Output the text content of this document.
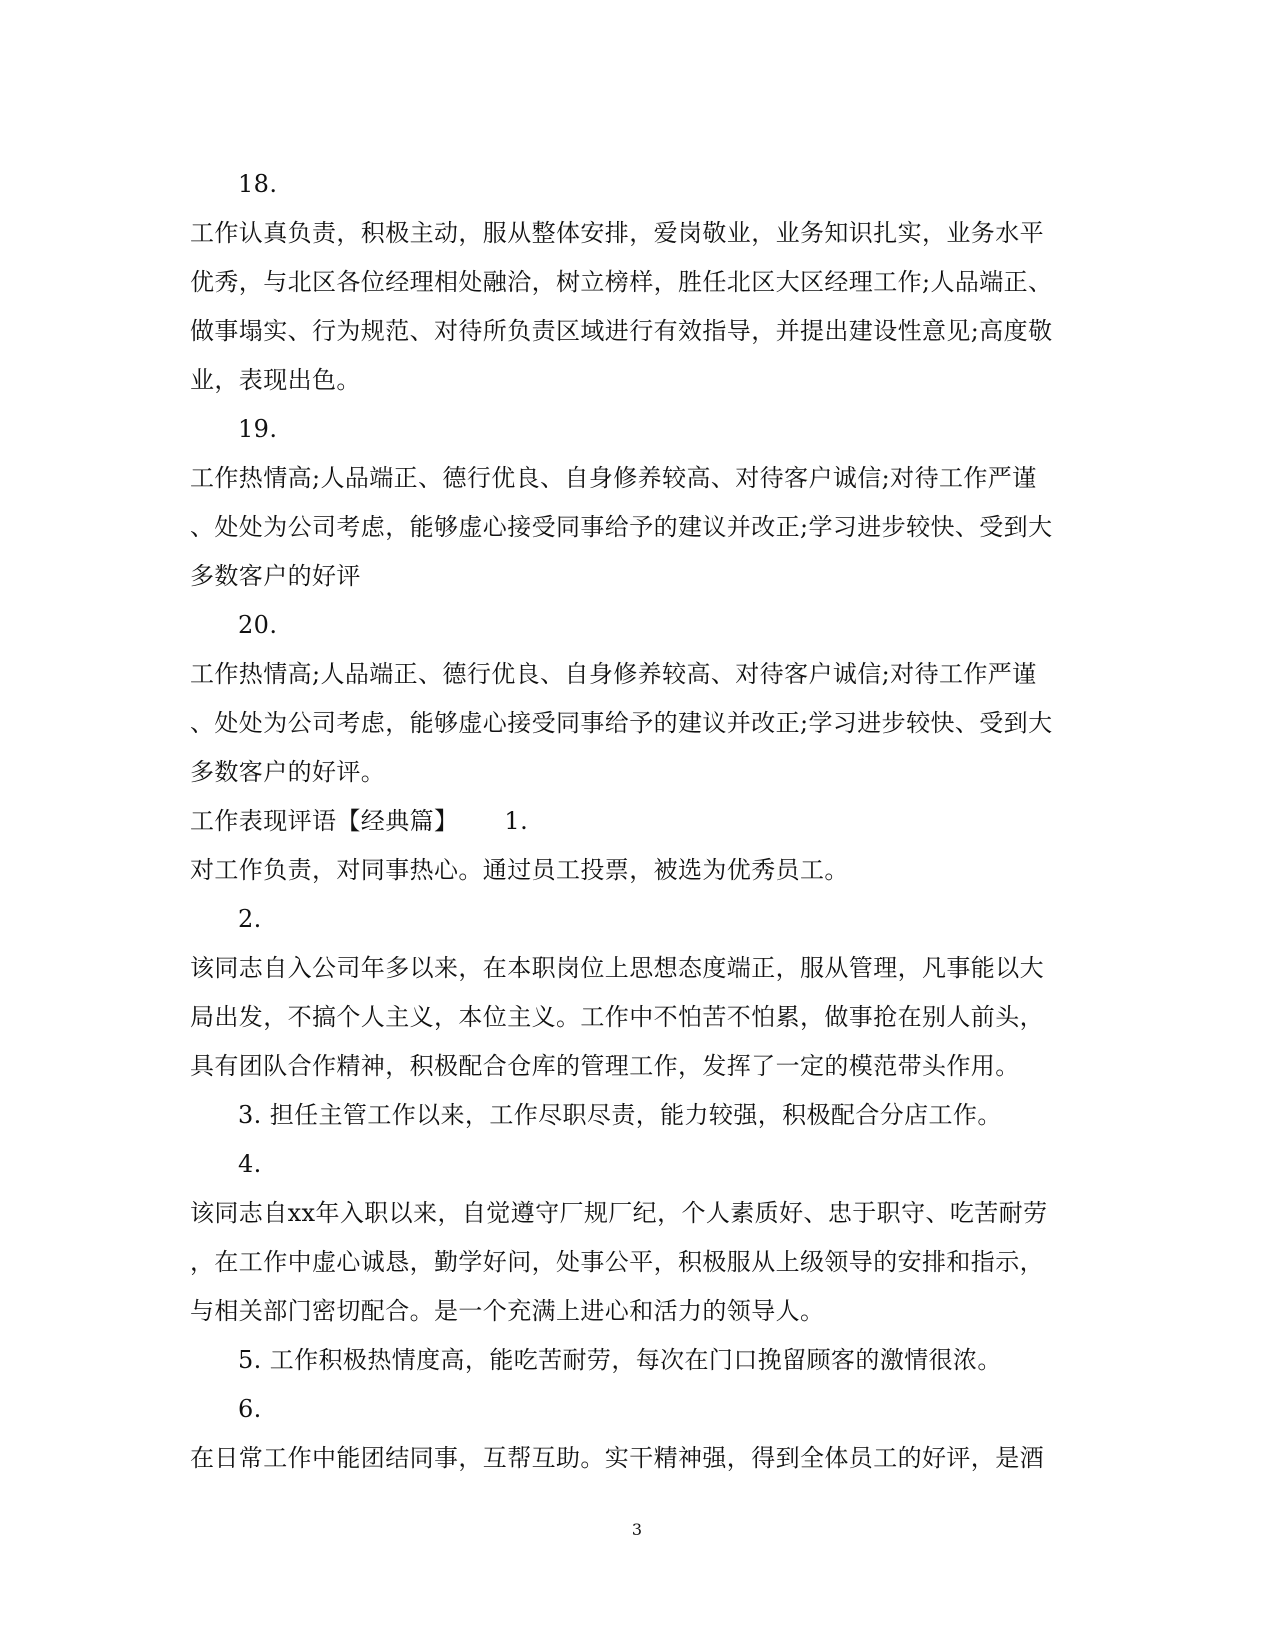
18.
工作认真负责，积极主动，服从整体安排，爱岗敬业，业务知识扎实，业务水平
优秀，与北区各位经理相处融洽，树立榜样，胜任北区大区经理工作;人品端正、
做事塌实、行为规范、对待所负责区域进行有效指导，并提出建设性意见;高度敬
业，表现出色。
19.
工作热情高;人品端正、德行优良、自身修养较高、对待客户诚信;对待工作严谨
、处处为公司考虑，能够虚心接受同事给予的建议并改正;学习进步较快、受到大
多数客户的好评
20.
工作热情高;人品端正、德行优良、自身修养较高、对待客户诚信;对待工作严谨
、处处为公司考虑，能够虚心接受同事给予的建议并改正;学习进步较快、受到大
多数客户的好评。
工作表现评语【经典篇】 1.
对工作负责，对同事热心。通过员工投票，被选为优秀员工。
2.
该同志自入公司年多以来，在本职岗位上思想态度端正，服从管理，凡事能以大
局出发，不搞个人主义，本位主义。工作中不怕苦不怕累，做事抢在别人前头，
具有团队合作精神，积极配合仓库的管理工作，发挥了一定的模范带头作用。
3. 担任主管工作以来，工作尽职尽责，能力较强，积极配合分店工作。
4.
该同志自xx年入职以来，自觉遵守厂规厂纪，个人素质好、忠于职守、吃苦耐劳
，在工作中虚心诚恳，勤学好问，处事公平，积极服从上级领导的安排和指示，
与相关部门密切配合。是一个充满上进心和活力的领导人。
5. 工作积极热情度高，能吃苦耐劳，每次在门口挽留顾客的激情很浓。
6.
在日常工作中能团结同事，互帮互助。实干精神强，得到全体员工的好评，是酒
3
